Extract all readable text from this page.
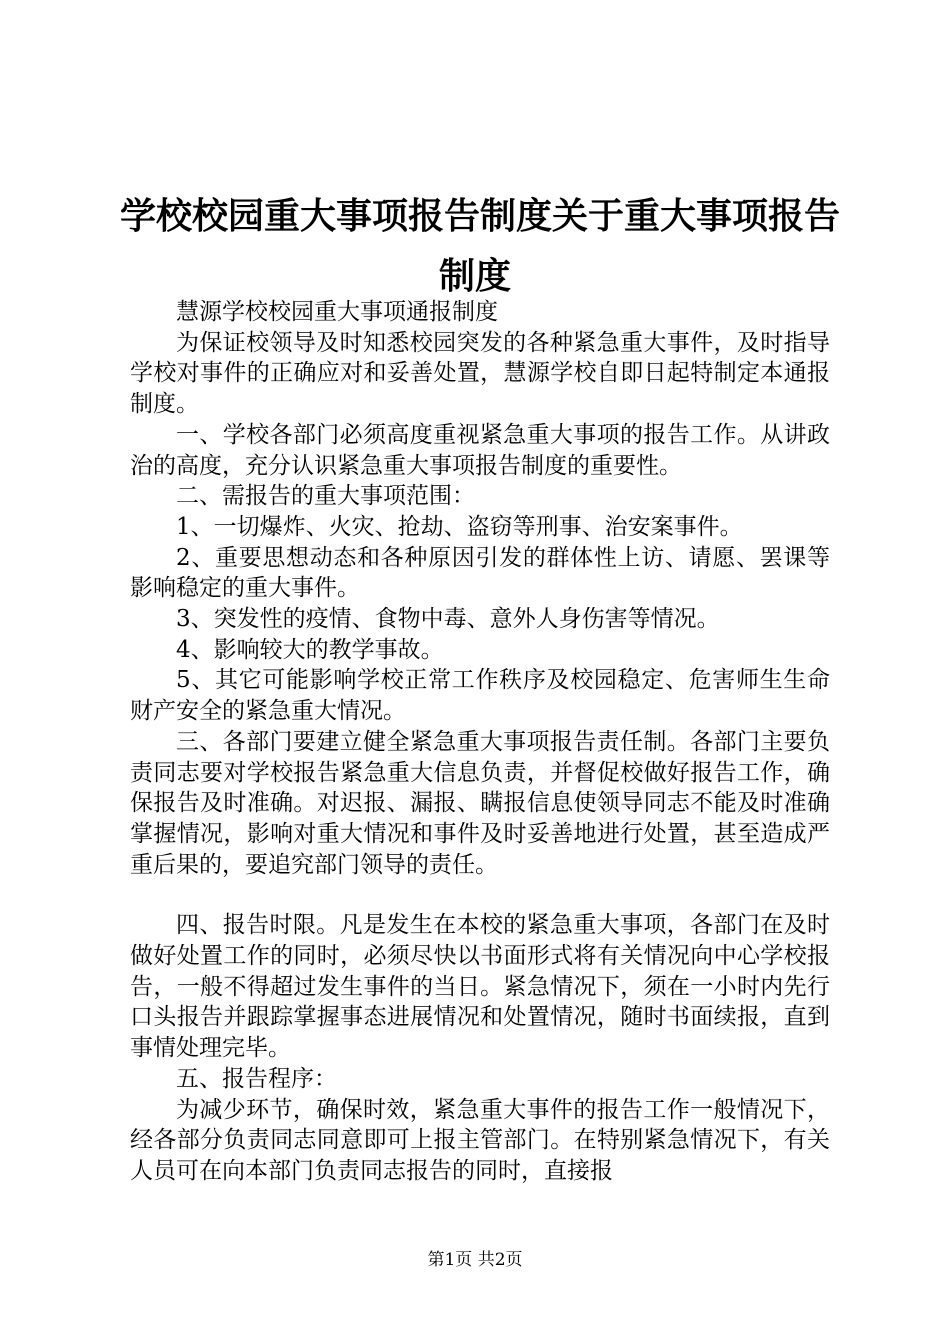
学校校园重大事项报告制度关于重大事项报告
制度

慧源学校校园重大事项通报制度

为保证校领导及时知悉校园突发的各种紧急重大事件，及时指导学校对事件的正确应对和妥善处置，慧源学校自即日起特制定本通报制度。

一、学校各部门必须高度重视紧急重大事项的报告工作。从讲政治的高度，充分认识紧急重大事项报告制度的重要性。

二、需报告的重大事项范围：

1、一切爆炸、火灾、抢劫、盗窃等刑事、治安案事件。

2、重要思想动态和各种原因引发的群体性上访、请愿、罢课等影响稳定的重大事件。

3、突发性的疫情、食物中毒、意外人身伤害等情况。

4、影响较大的教学事故。

5、其它可能影响学校正常工作秩序及校园稳定、危害师生生命财产安全的紧急重大情况。

三、各部门要建立健全紧急重大事项报告责任制。各部门主要负责同志要对学校报告紧急重大信息负责，并督促校做好报告工作，确保报告及时准确。对迟报、漏报、瞒报信息使领导同志不能及时准确掌握情况，影响对重大情况和事件及时妥善地进行处置，甚至造成严重后果的，要追究部门领导的责任。

四、报告时限。凡是发生在本校的紧急重大事项，各部门在及时做好处置工作的同时，必须尽快以书面形式将有关情况向中心学校报告，一般不得超过发生事件的当日。紧急情况下，须在一小时内先行口头报告并跟踪掌握事态进展情况和处置情况，随时书面续报，直到事情处理完毕。

五、报告程序：

为减少环节，确保时效，紧急重大事件的报告工作一般情况下，经各部分负责同志同意即可上报主管部门。在特别紧急情况下，有关人员可在向本部门负责同志报告的同时，直接报

第1页 共2页
